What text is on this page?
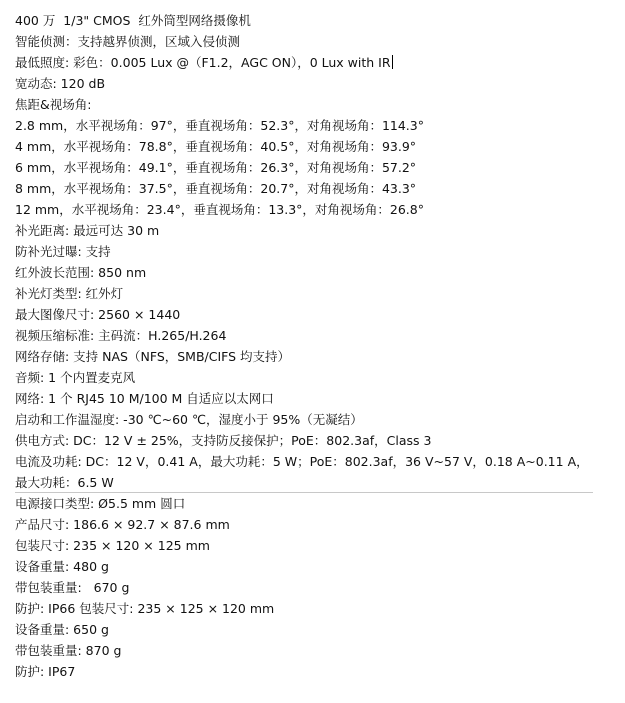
400 万  1/3" CMOS  红外筒型网络摄像机
智能侦测：支持越界侦测，区域入侵侦测
最低照度: 彩色：0.005 Lux @（F1.2，AGC ON），0 Lux with IR
宽动态: 120 dB
焦距&视场角:
2.8 mm，水平视场角：97°，垂直视场角：52.3°，对角视场角：114.3°
4 mm，水平视场角：78.8°，垂直视场角：40.5°，对角视场角：93.9°
6 mm，水平视场角：49.1°，垂直视场角：26.3°，对角视场角：57.2°
8 mm，水平视场角：37.5°，垂直视场角：20.7°，对角视场角：43.3°
12 mm，水平视场角：23.4°，垂直视场角：13.3°，对角视场角：26.8°
补光距离: 最远可达 30 m
防补光过曝: 支持
红外波长范围: 850 nm
补光灯类型: 红外灯
最大图像尺寸: 2560 × 1440
视频压缩标准: 主码流：H.265/H.264
网络存储: 支持 NAS（NFS，SMB/CIFS 均支持）
音频: 1 个内置麦克风
网络: 1 个 RJ45 10 M/100 M 自适应以太网口
启动和工作温湿度: -30 ℃~60 ℃，湿度小于 95%（无凝结）
供电方式: DC：12 V ± 25%，支持防反接保护；PoE：802.3af，Class 3
电流及功耗: DC：12 V，0.41 A，最大功耗：5 W；PoE：802.3af，36 V~57 V，0.18 A~0.11 A，
最大功耗：6.5 W
电源接口类型: Ø5.5 mm 圆口
产品尺寸: 186.6 × 92.7 × 87.6 mm
包装尺寸: 235 × 120 × 125 mm
设备重量: 480 g
带包装重量:   670 g
防护: IP66 包装尺寸: 235 × 125 × 120 mm
设备重量: 650 g
带包装重量: 870 g
防护: IP67
